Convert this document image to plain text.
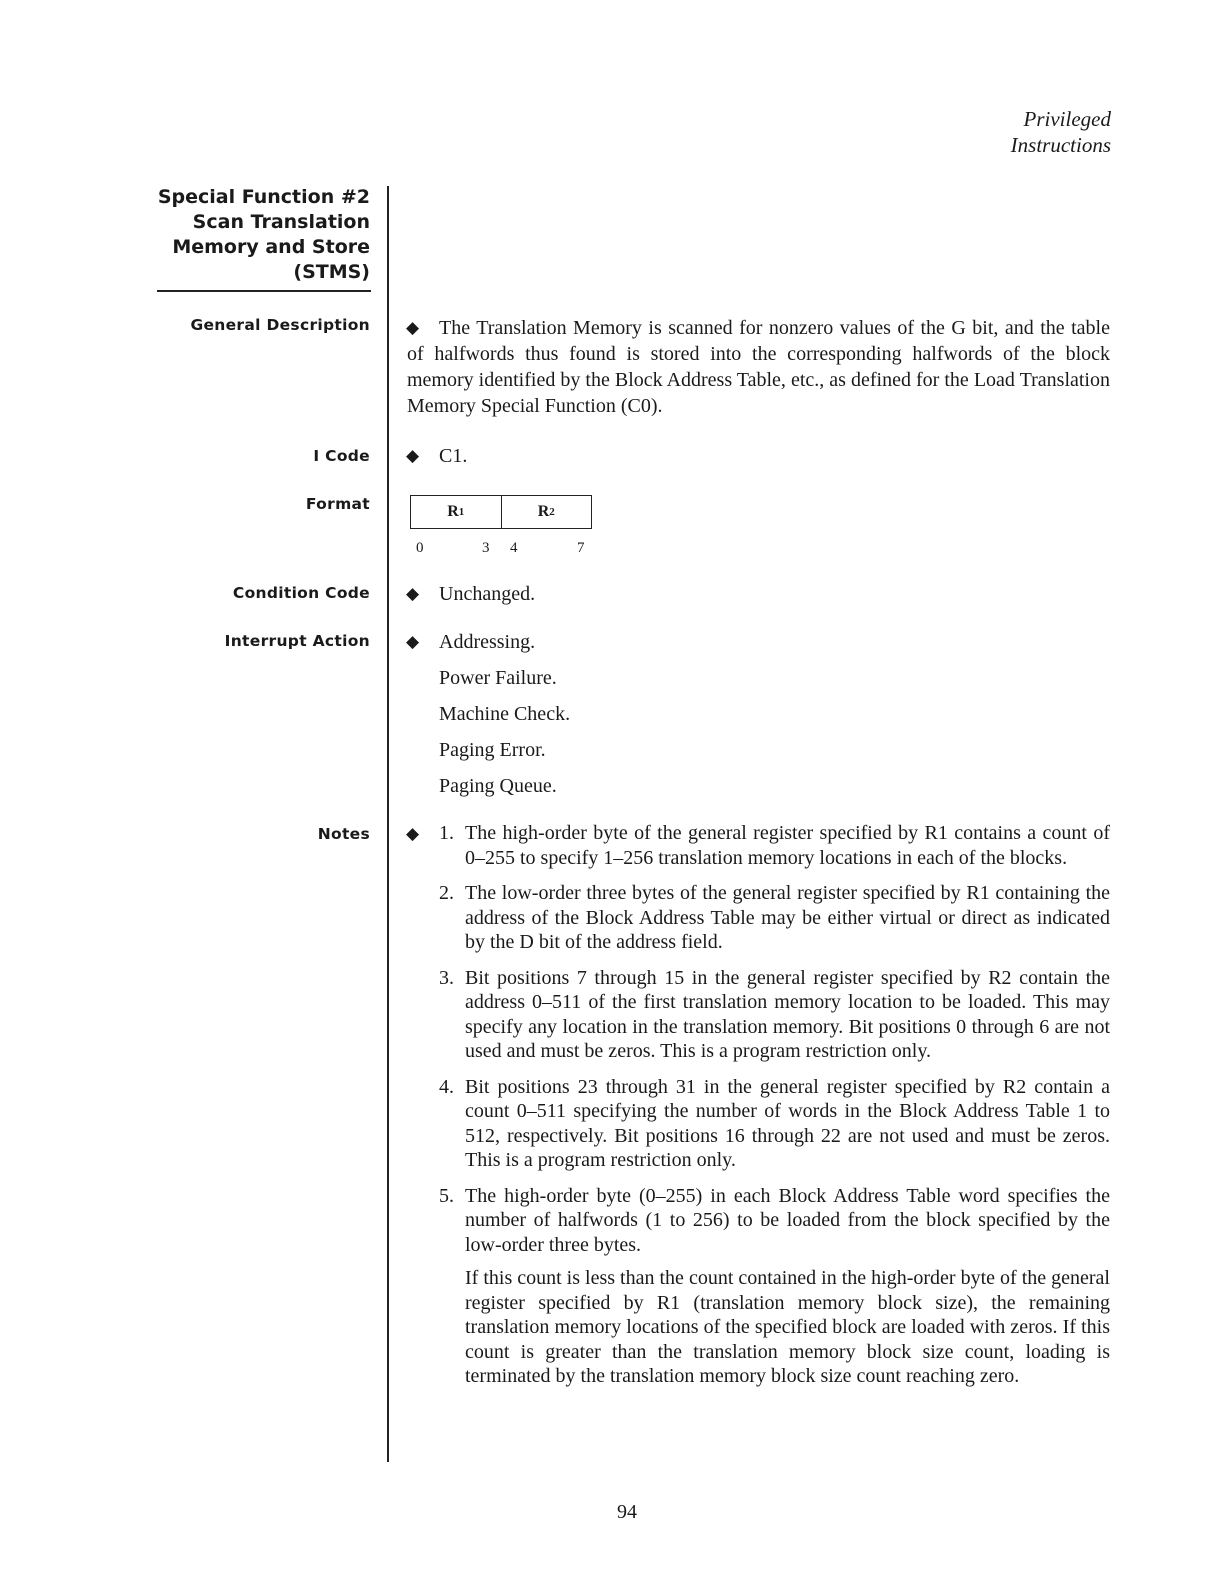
Privileged
Instructions
Special Function #2
Scan Translation
Memory and Store
(STMS)
General Description ◆ The Translation Memory is scanned for nonzero values of the G bit, and the table of halfwords thus found is stored into the corresponding halfwords of the block memory identified by the Block Address Table, etc., as defined for the Load Translation Memory Special Function (C0).
I Code ◆ C1.
Format	R 1	R 2
0	3 4	7
Condition Code ◆ Unchanged.
Interrupt Action ◆ Addressing.
Power Failure.
Machine Check.
Paging Error.
Paging Queue.
Notes ◆ 1. The high-order byte of the general register specified by R1 contains a count of 0–255 to specify 1–256 translation memory locations in each of the blocks.
2. The low-order three bytes of the general register specified by R1 containing the address of the Block Address Table may be either virtual or direct as indicated by the D bit of the address field.
3. Bit positions 7 through 15 in the general register specified by R2 contain the address 0–511 of the first translation memory location to be loaded. This may specify any location in the translation memory. Bit positions 0 through 6 are not used and must be zeros. This is a program restriction only.
4. Bit positions 23 through 31 in the general register specified by R2 contain a count 0–511 specifying the number of words in the Block Address Table 1 to 512, respectively. Bit positions 16 through 22 are not used and must be zeros. This is a program restriction only.
5. The high-order byte (0–255) in each Block Address Table word specifies the number of halfwords (1 to 256) to be loaded from the block specified by the low-order three bytes.
If this count is less than the count contained in the high-order byte of the general register specified by R1 (translation memory block size), the remaining translation memory locations of the specified block are loaded with zeros. If this count is greater than the translation memory block size count, loading is terminated by the translation memory block size count reaching zero.
94
